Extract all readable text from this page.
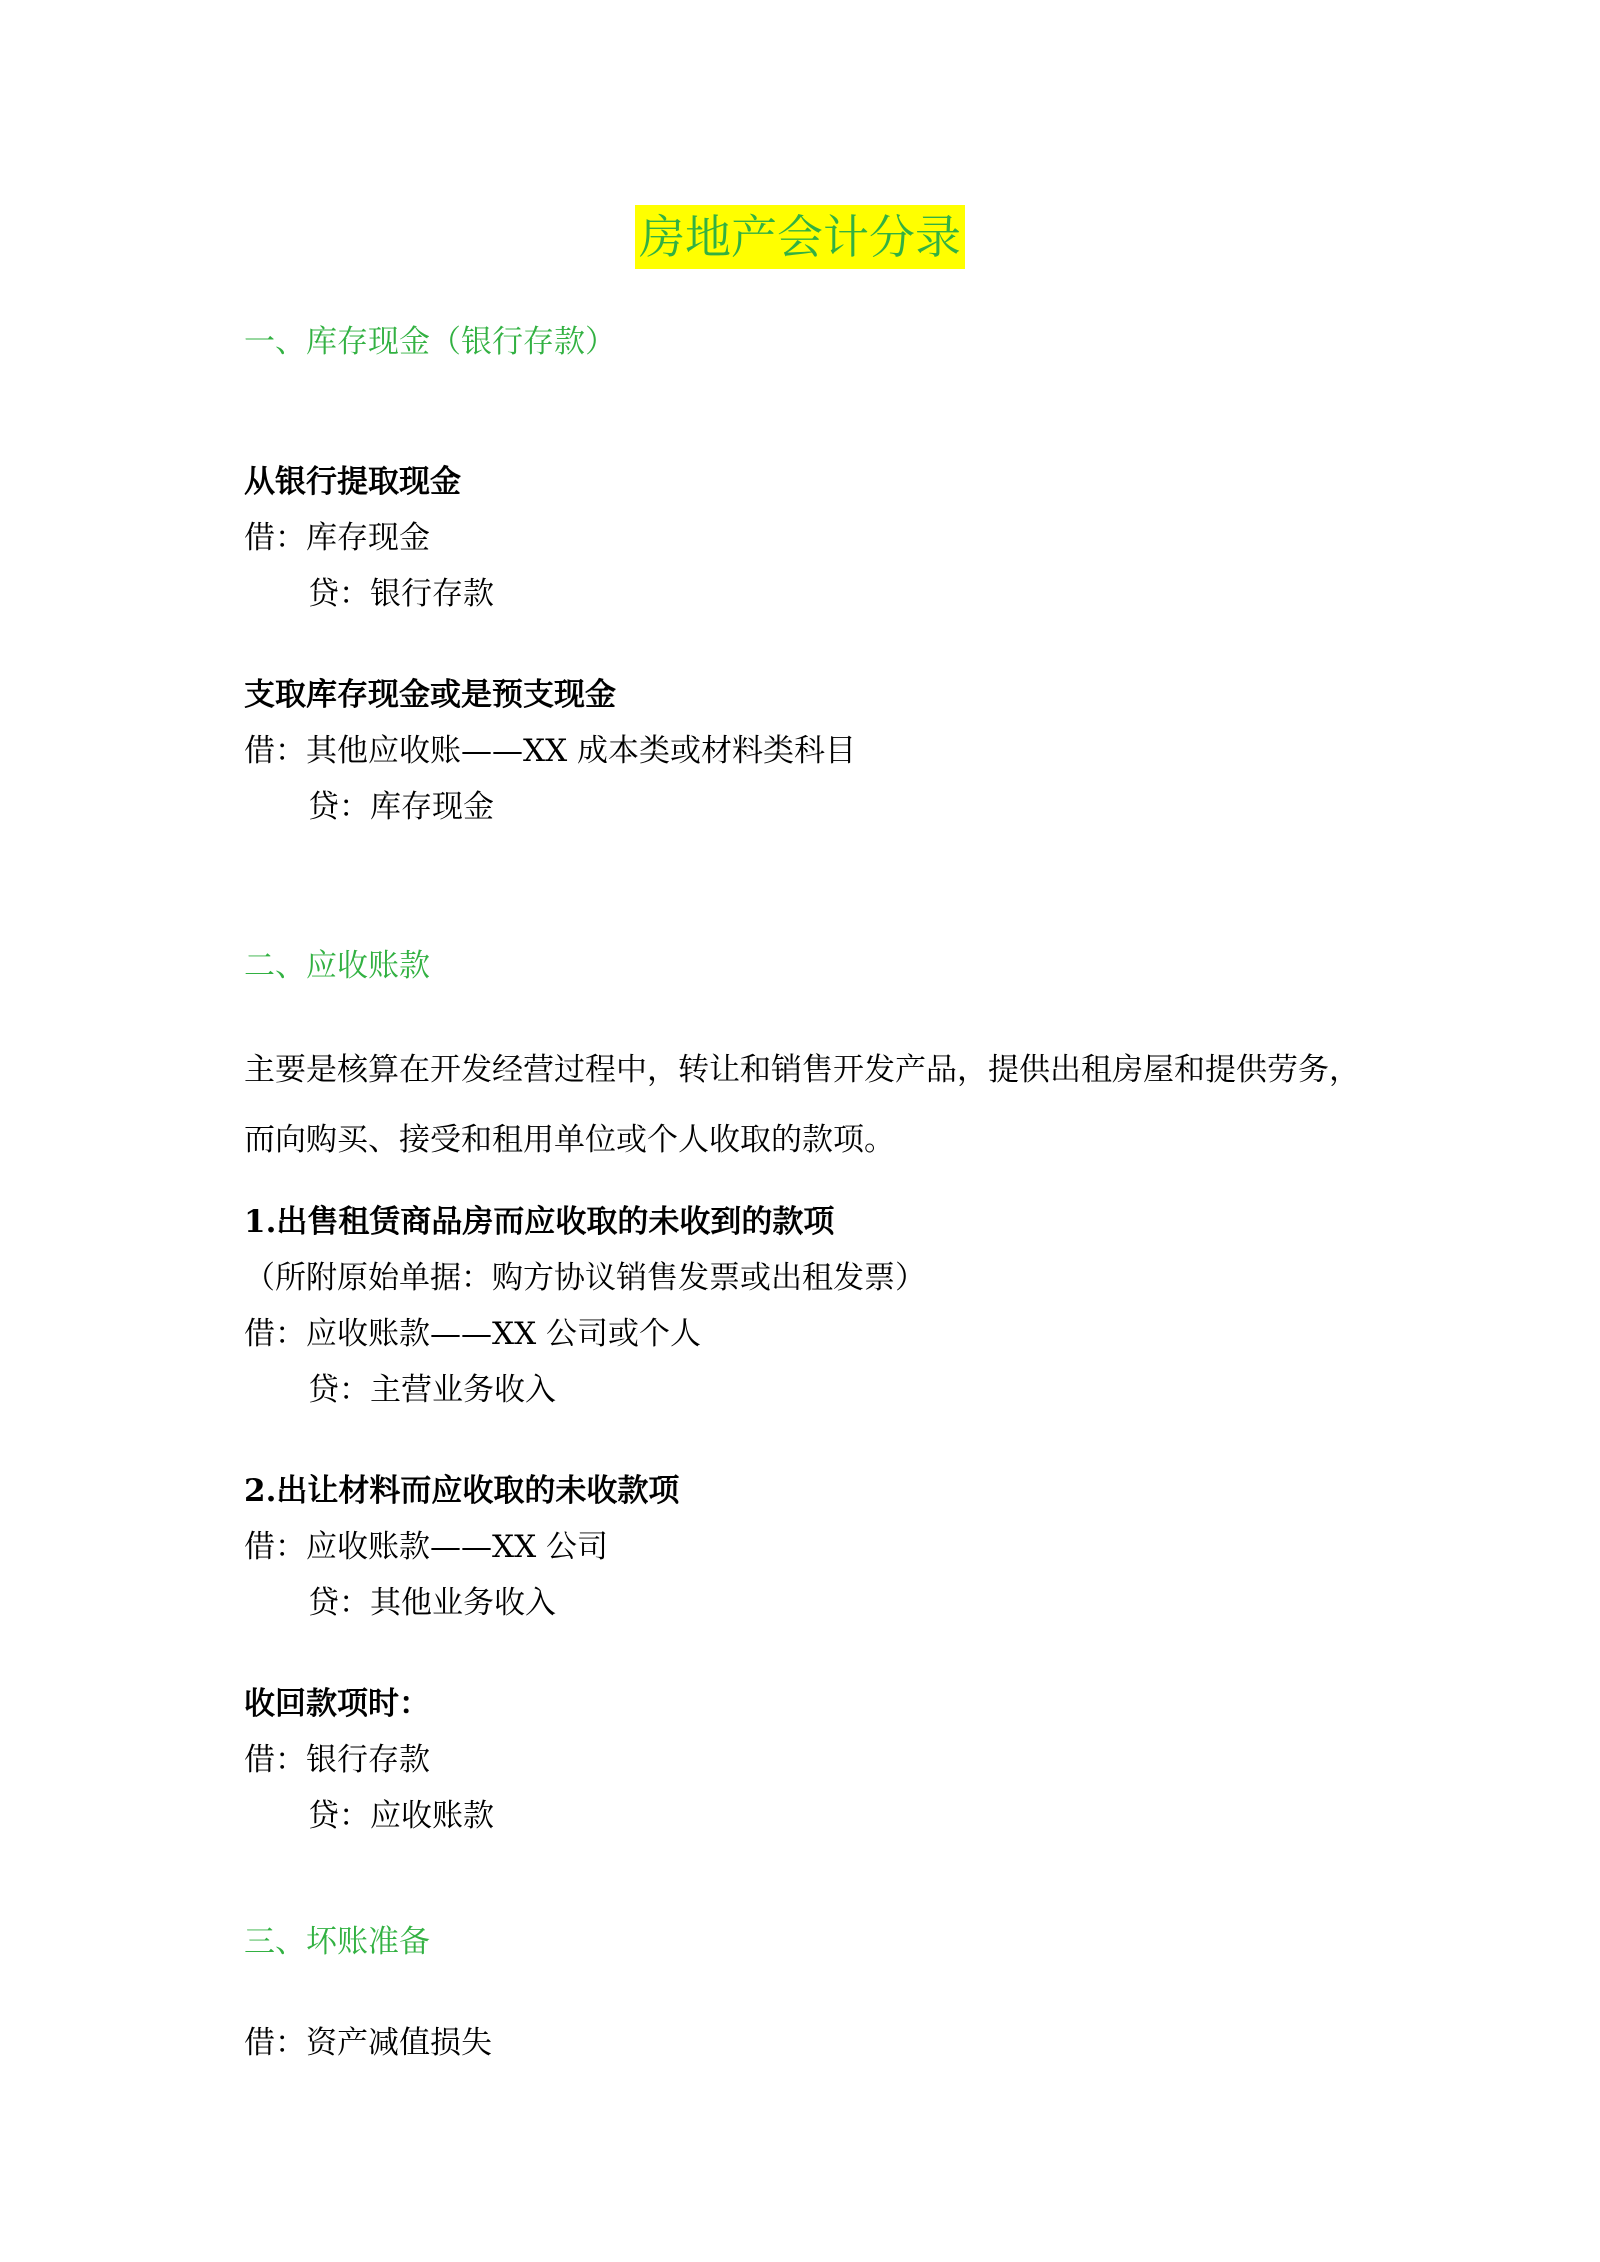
房地产会计分录
一、库存现金（银行存款）
从银行提取现金
借：库存现金
贷：银行存款
支取库存现金或是预支现金
借：其他应收账——XX 成本类或材料类科目
贷：库存现金
二、应收账款
主要是核算在开发经营过程中，转让和销售开发产品，提供出租房屋和提供劳务，而向购买、接受和租用单位或个人收取的款项。
1.出售租赁商品房而应收取的未收到的款项
（所附原始单据：购方协议销售发票或出租发票）
借：应收账款——XX 公司或个人
贷：主营业务收入
2.出让材料而应收取的未收款项
借：应收账款——XX 公司
贷：其他业务收入
收回款项时：
借：银行存款
贷：应收账款
三、坏账准备
借：资产减值损失
